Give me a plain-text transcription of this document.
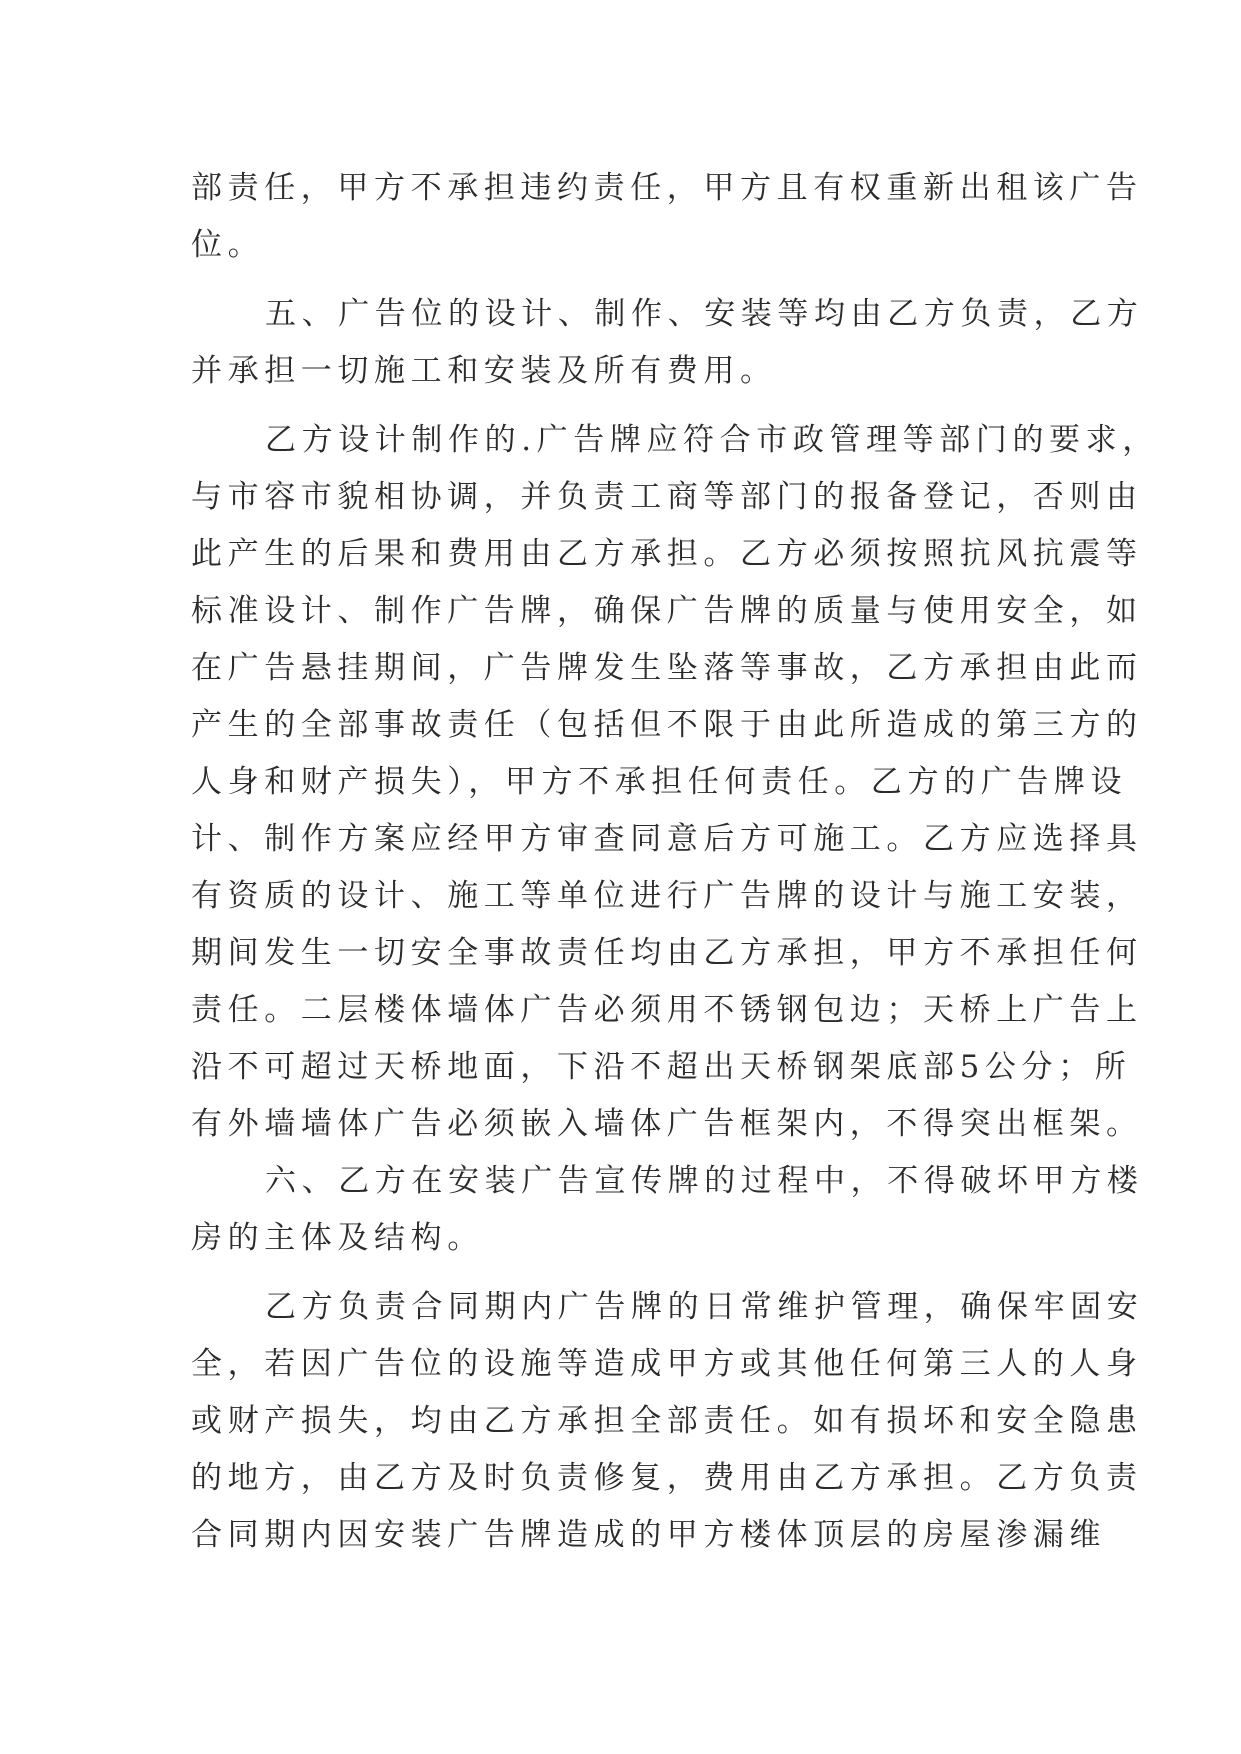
部责任，甲方不承担违约责任，甲方且有权重新出租该广告
位。
五、广告位的设计、制作、安装等均由乙方负责，乙方
并承担一切施工和安装及所有费用。
乙方设计制作的.广告牌应符合市政管理等部门的要求，
与市容市貌相协调，并负责工商等部门的报备登记，否则由
此产生的后果和费用由乙方承担。乙方必须按照抗风抗震等
标准设计、制作广告牌，确保广告牌的质量与使用安全，如
在广告悬挂期间，广告牌发生坠落等事故，乙方承担由此而
产生的全部事故责任（包括但不限于由此所造成的第三方的
人身和财产损失），甲方不承担任何责任。乙方的广告牌设
计、制作方案应经甲方审查同意后方可施工。乙方应选择具
有资质的设计、施工等单位进行广告牌的设计与施工安装，
期间发生一切安全事故责任均由乙方承担，甲方不承担任何
责任。二层楼体墙体广告必须用不锈钢包边；天桥上广告上
沿不可超过天桥地面，下沿不超出天桥钢架底部5公分；所
有外墙墙体广告必须嵌入墙体广告框架内，不得突出框架。
六、乙方在安装广告宣传牌的过程中，不得破坏甲方楼
房的主体及结构。
乙方负责合同期内广告牌的日常维护管理，确保牢固安
全，若因广告位的设施等造成甲方或其他任何第三人的人身
或财产损失，均由乙方承担全部责任。如有损坏和安全隐患
的地方，由乙方及时负责修复，费用由乙方承担。乙方负责
合同期内因安装广告牌造成的甲方楼体顶层的房屋渗漏维
